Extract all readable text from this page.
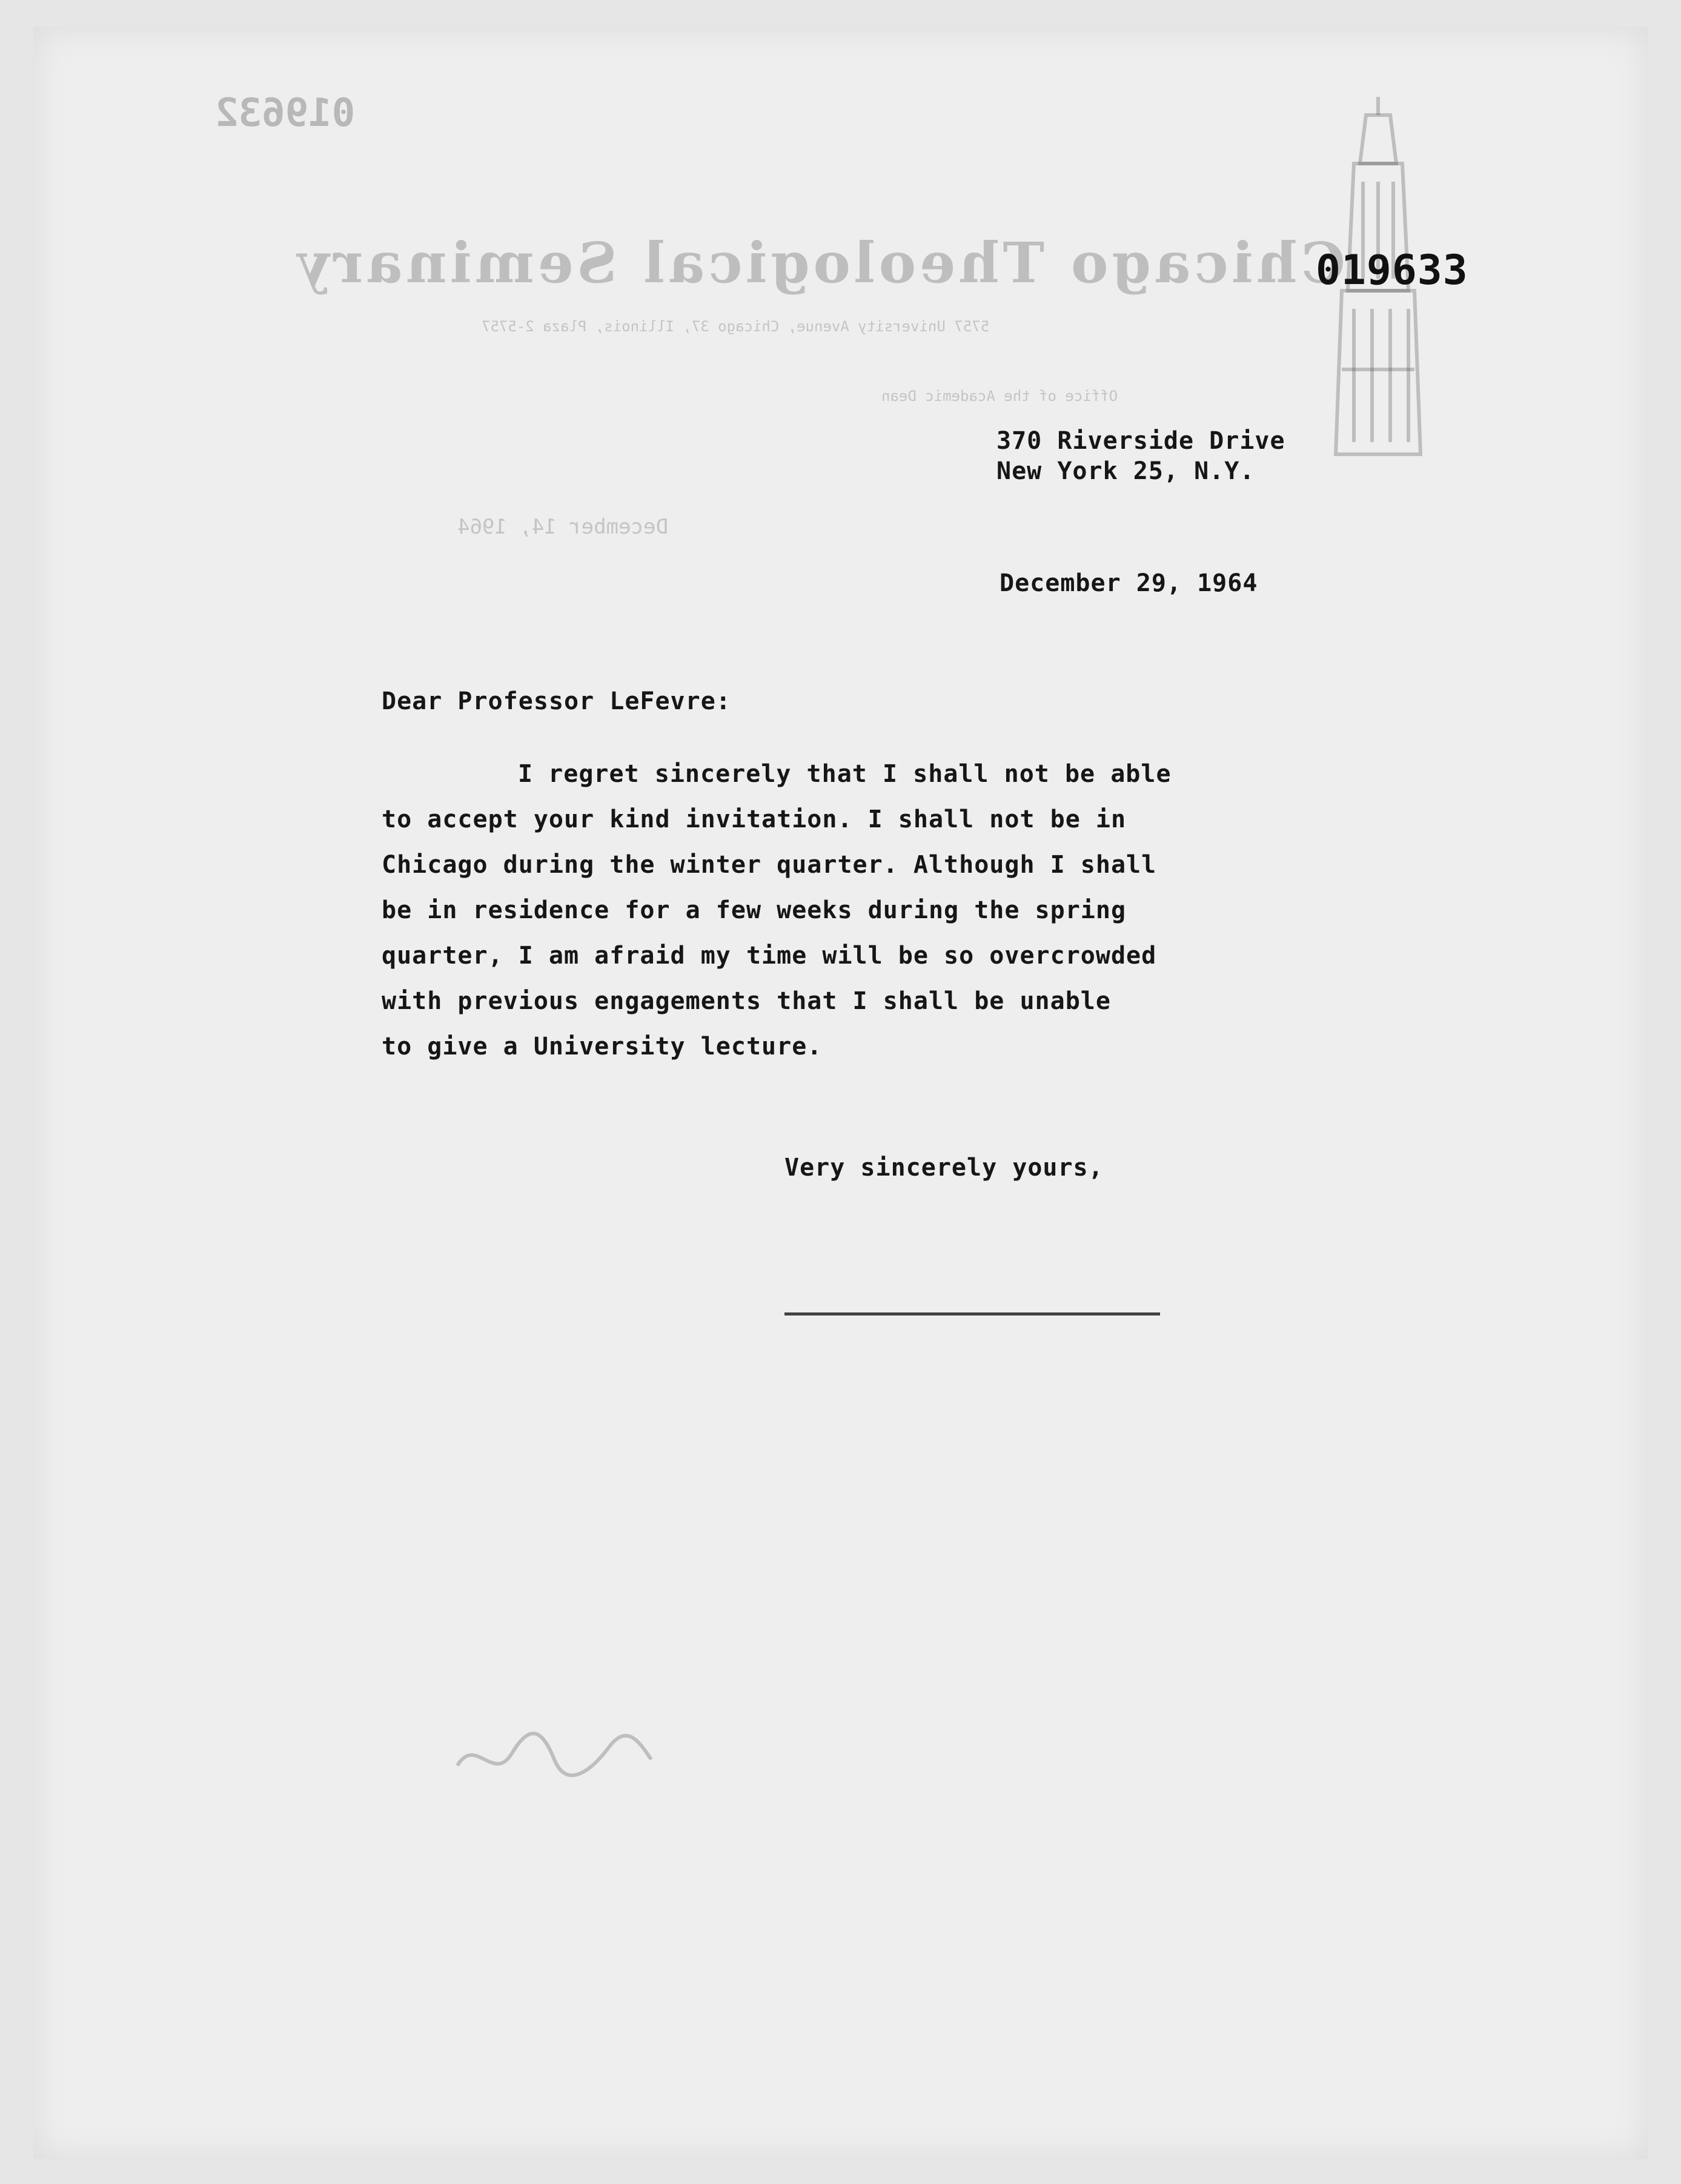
019632

Chicago Theological Seminary

5757 University Avenue, Chicago 37, Illinois, Plaza 2-5757

Office of the Academic Dean

December 14, 1964

019633

370 Riverside Drive

New York 25, N.Y.

December 29, 1964

Dear Professor LeFevre:

I regret sincerely that I shall not be able

to accept your kind invitation. I shall not be in

Chicago during the winter quarter. Although I shall

be in residence for a few weeks during the spring

quarter, I am afraid my time will be so overcrowded

with previous engagements that I shall be unable

to give a University lecture.

Very sincerely yours,
